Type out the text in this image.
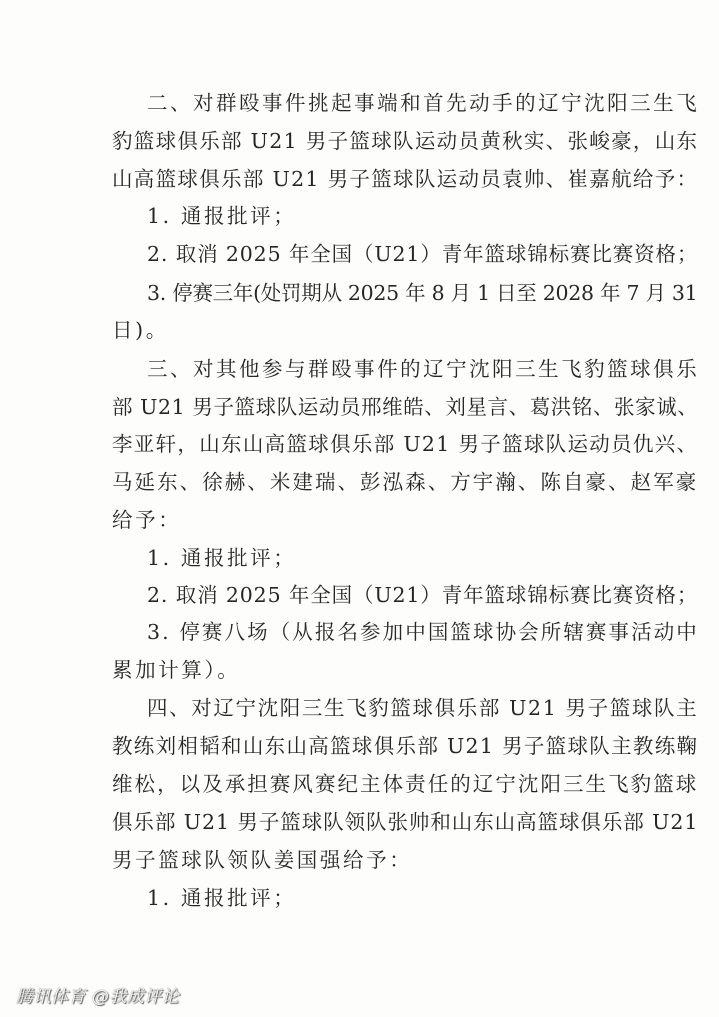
二、对群殴事件挑起事端和首先动手的辽宁沈阳三生飞
豹篮球俱乐部 U21 男子篮球队运动员黄秋实、张峻豪，山东
山高篮球俱乐部 U21 男子篮球队运动员袁帅、崔嘉航给予：
1. 通报批评；
2. 取消 2025 年全国（U21）青年篮球锦标赛比赛资格；
3. 停赛三年(处罚期从 2025 年 8 月 1 日至 2028 年 7 月 31
日)。
三、对其他参与群殴事件的辽宁沈阳三生飞豹篮球俱乐
部 U21 男子篮球队运动员邢维皓、刘星言、葛洪铭、张家诚、
李亚轩，山东山高篮球俱乐部 U21 男子篮球队运动员仇兴、
马延东、徐赫、米建瑞、彭泓森、方宇瀚、陈自豪、赵军豪
给予：
1. 通报批评；
2. 取消 2025 年全国（U21）青年篮球锦标赛比赛资格；
3. 停赛八场（从报名参加中国篮球协会所辖赛事活动中
累加计算）。
四、对辽宁沈阳三生飞豹篮球俱乐部 U21 男子篮球队主
教练刘相韬和山东山高篮球俱乐部 U21 男子篮球队主教练鞠
维松，以及承担赛风赛纪主体责任的辽宁沈阳三生飞豹篮球
俱乐部 U21 男子篮球队领队张帅和山东山高篮球俱乐部 U21
男子篮球队领队姜国强给予：
1. 通报批评；
腾讯体育 @我成评论
